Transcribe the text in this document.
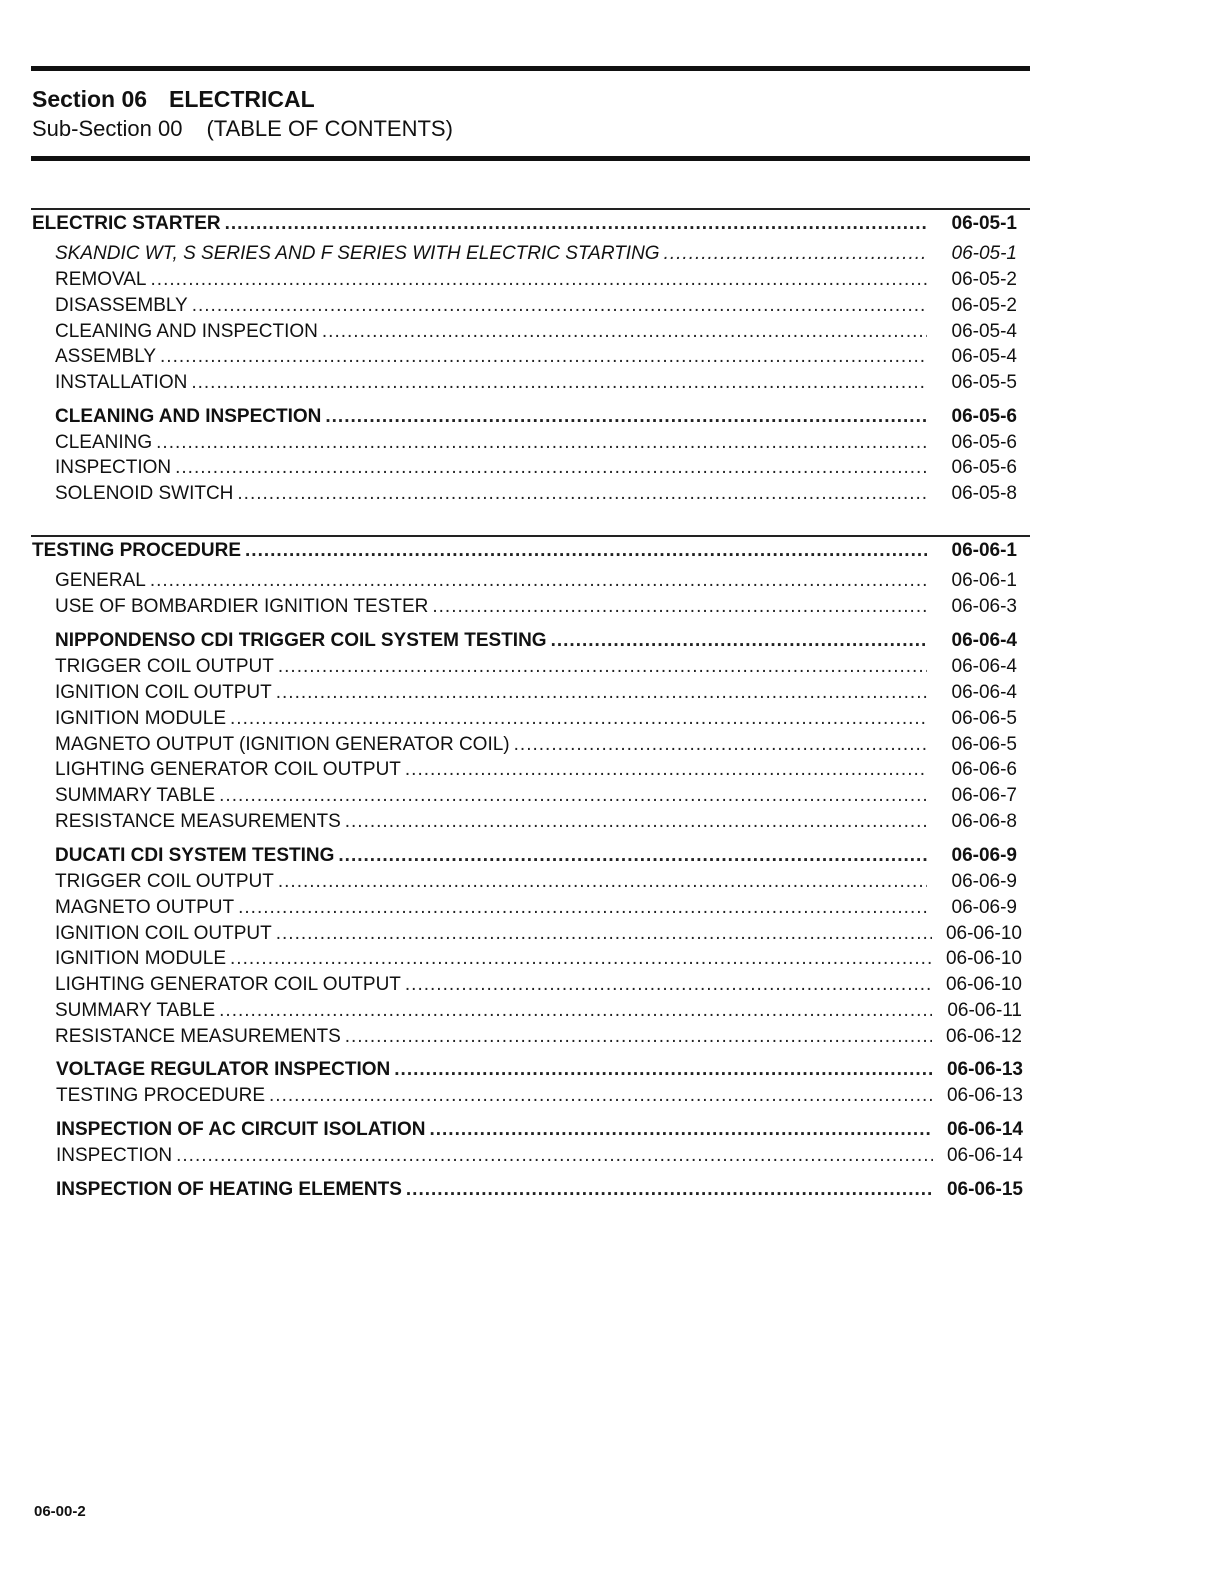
Section 06 ELECTRICAL
Sub-Section 00 (TABLE OF CONTENTS)
ELECTRIC STARTER .....	06-05-1
SKANDIC WT, S SERIES AND F SERIES WITH ELECTRIC STARTING .....	06-05-1
REMOVAL .....	06-05-2
DISASSEMBLY .....	06-05-2
CLEANING AND INSPECTION .....	06-05-4
ASSEMBLY .....	06-05-4
INSTALLATION .....	06-05-5
CLEANING AND INSPECTION .....	06-05-6
CLEANING .....	06-05-6
INSPECTION .....	06-05-6
SOLENOID SWITCH .....	06-05-8
TESTING PROCEDURE .....	06-06-1
GENERAL .....	06-06-1
USE OF BOMBARDIER IGNITION TESTER .....	06-06-3
NIPPONDENSO CDI TRIGGER COIL SYSTEM TESTING .....	06-06-4
TRIGGER COIL OUTPUT .....	06-06-4
IGNITION COIL OUTPUT .....	06-06-4
IGNITION MODULE .....	06-06-5
MAGNETO OUTPUT (IGNITION GENERATOR COIL) .....	06-06-5
LIGHTING GENERATOR COIL OUTPUT .....	06-06-6
SUMMARY TABLE .....	06-06-7
RESISTANCE MEASUREMENTS .....	06-06-8
DUCATI CDI SYSTEM TESTING .....	06-06-9
TRIGGER COIL OUTPUT .....	06-06-9
MAGNETO OUTPUT .....	06-06-9
IGNITION COIL OUTPUT .....	06-06-10
IGNITION MODULE .....	06-06-10
LIGHTING GENERATOR COIL OUTPUT .....	06-06-10
SUMMARY TABLE .....	06-06-11
RESISTANCE MEASUREMENTS .....	06-06-12
VOLTAGE REGULATOR INSPECTION .....	06-06-13
TESTING PROCEDURE .....	06-06-13
INSPECTION OF AC CIRCUIT ISOLATION .....	06-06-14
INSPECTION .....	06-06-14
INSPECTION OF HEATING ELEMENTS .....	06-06-15
06-00-2
